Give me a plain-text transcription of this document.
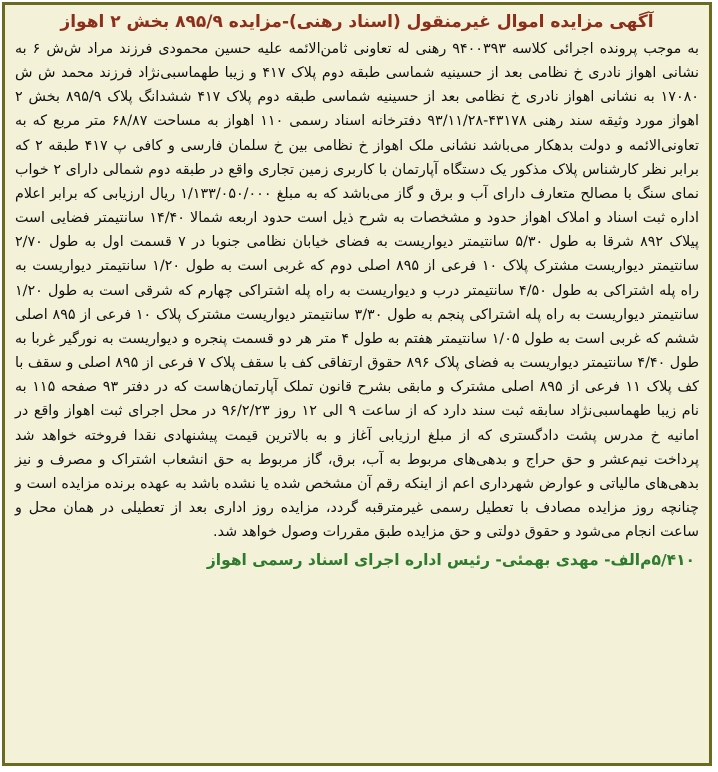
آگهی مزایده اموال غیرمنقول (اسناد رهنی)-مزایده ۸۹۵/۹ بخش ۲ اهواز
به موجب پرونده اجرائی کلاسه ۹۴۰۰۳۹۳ رهنی له تعاونی ثامن‌الائمه علیه حسین محمودی فرزند مراد ش‌ش ۶ به نشانی اهواز نادری خ نظامی بعد از حسینیه شماسی طبقه دوم پلاک ۴۱۷ و زیبا طهماسبی‌نژاد فرزند محمد ش ش ۱۷۰۸۰ به نشانی اهواز نادری خ نظامی بعد از حسینیه شماسی طبقه دوم پلاک ۴۱۷ ششدانگ پلاک ۸۹۵/۹ بخش ۲ اهواز مورد وثیقه سند رهنی ۴۳۱۷۸-۹۳/۱۱/۲۸ دفترخانه اسناد رسمی ۱۱۰ اهواز به مساحت ۶۸/۸۷ متر مربع که به تعاونی‌الائمه و دولت بدهکار می‌باشد نشانی ملک اهواز خ نظامی بین خ سلمان فارسی و کافی پ ۴۱۷ طبقه ۲ که برابر نظر کارشناس پلاک مذکور یک دستگاه آپارتمان با کاربری زمین تجاری واقع در طبقه دوم شمالی دارای ۲ خواب نمای سنگ با مصالح متعارف دارای آب و برق و گاز می‌باشد که به مبلغ ۱/۱۳۳/۰۵۰/۰۰۰ ریال ارزیابی که برابر اعلام اداره ثبت اسناد و املاک اهواز حدود و مشخصات به شرح ذیل است حدود اربعه شمالا ۱۴/۴۰ سانتیمتر فضایی است پیلاک ۸۹۲ شرقا به طول ۵/۳۰ سانتیمتر دیواریست به فضای خیابان نظامی جنوبا در ۷ قسمت اول به طول ۲/۷۰ سانتیمتر دیواریست مشترک پلاک ۱۰ فرعی از ۸۹۵ اصلی دوم که غربی است به طول ۱/۲۰ سانتیمتر دیواریست به راه پله اشتراکی به طول ۴/۵۰ سانتیمتر درب و دیواریست به راه پله اشتراکی چهارم که شرقی است به طول ۱/۲۰ سانتیمتر دیواریست به راه پله اشتراکی پنجم به طول ۳/۳۰ سانتیمتر دیواریست مشترک پلاک ۱۰ فرعی از ۸۹۵ اصلی ششم که غربی است به طول ۱/۰۵ سانتیمتر هفتم به طول ۴ متر هر دو قسمت پنجره و دیواریست به نورگیر غربا به طول ۴/۴۰ سانتیمتر دیواریست به فضای پلاک ۸۹۶ حقوق ارتفاقی کف با سقف پلاک ۷ فرعی از ۸۹۵ اصلی و سقف با کف پلاک ۱۱ فرعی از ۸۹۵ اصلی مشترک و مابقی بشرح قانون تملک آپارتمان‌هاست که در دفتر ۹۳ صفحه ۱۱۵ به نام زیبا طهماسبی‌نژاد سابقه ثبت سند دارد که از ساعت ۹ الی ۱۲ روز ۹۶/۲/۲۳ در محل اجرای ثبت اهواز واقع در امانیه خ مدرس پشت دادگستری که از مبلغ ارزیابی آغاز و به بالاترین قیمت پیشنهادی نقدا فروخته خواهد شد پرداخت نیم‌عشر و حق حراج و بدهی‌های مربوط به آب، برق، گاز مربوط به حق انشعاب اشتراک و مصرف و نیز بدهی‌های مالیاتی و عوارض شهرداری اعم از اینکه رقم آن مشخص شده یا نشده باشد به عهده برنده مزایده است و چنانچه روز مزایده مصادف با تعطیل رسمی غیرمترقبه گردد، مزایده روز اداری بعد از تعطیلی در همان محل و ساعت انجام می‌شود و حقوق دولتی و حق مزایده طبق مقررات وصول خواهد شد.
۵/۴۱۰م‌الف- مهدی بهمئی- رئیس اداره اجرای اسناد رسمی اهواز
